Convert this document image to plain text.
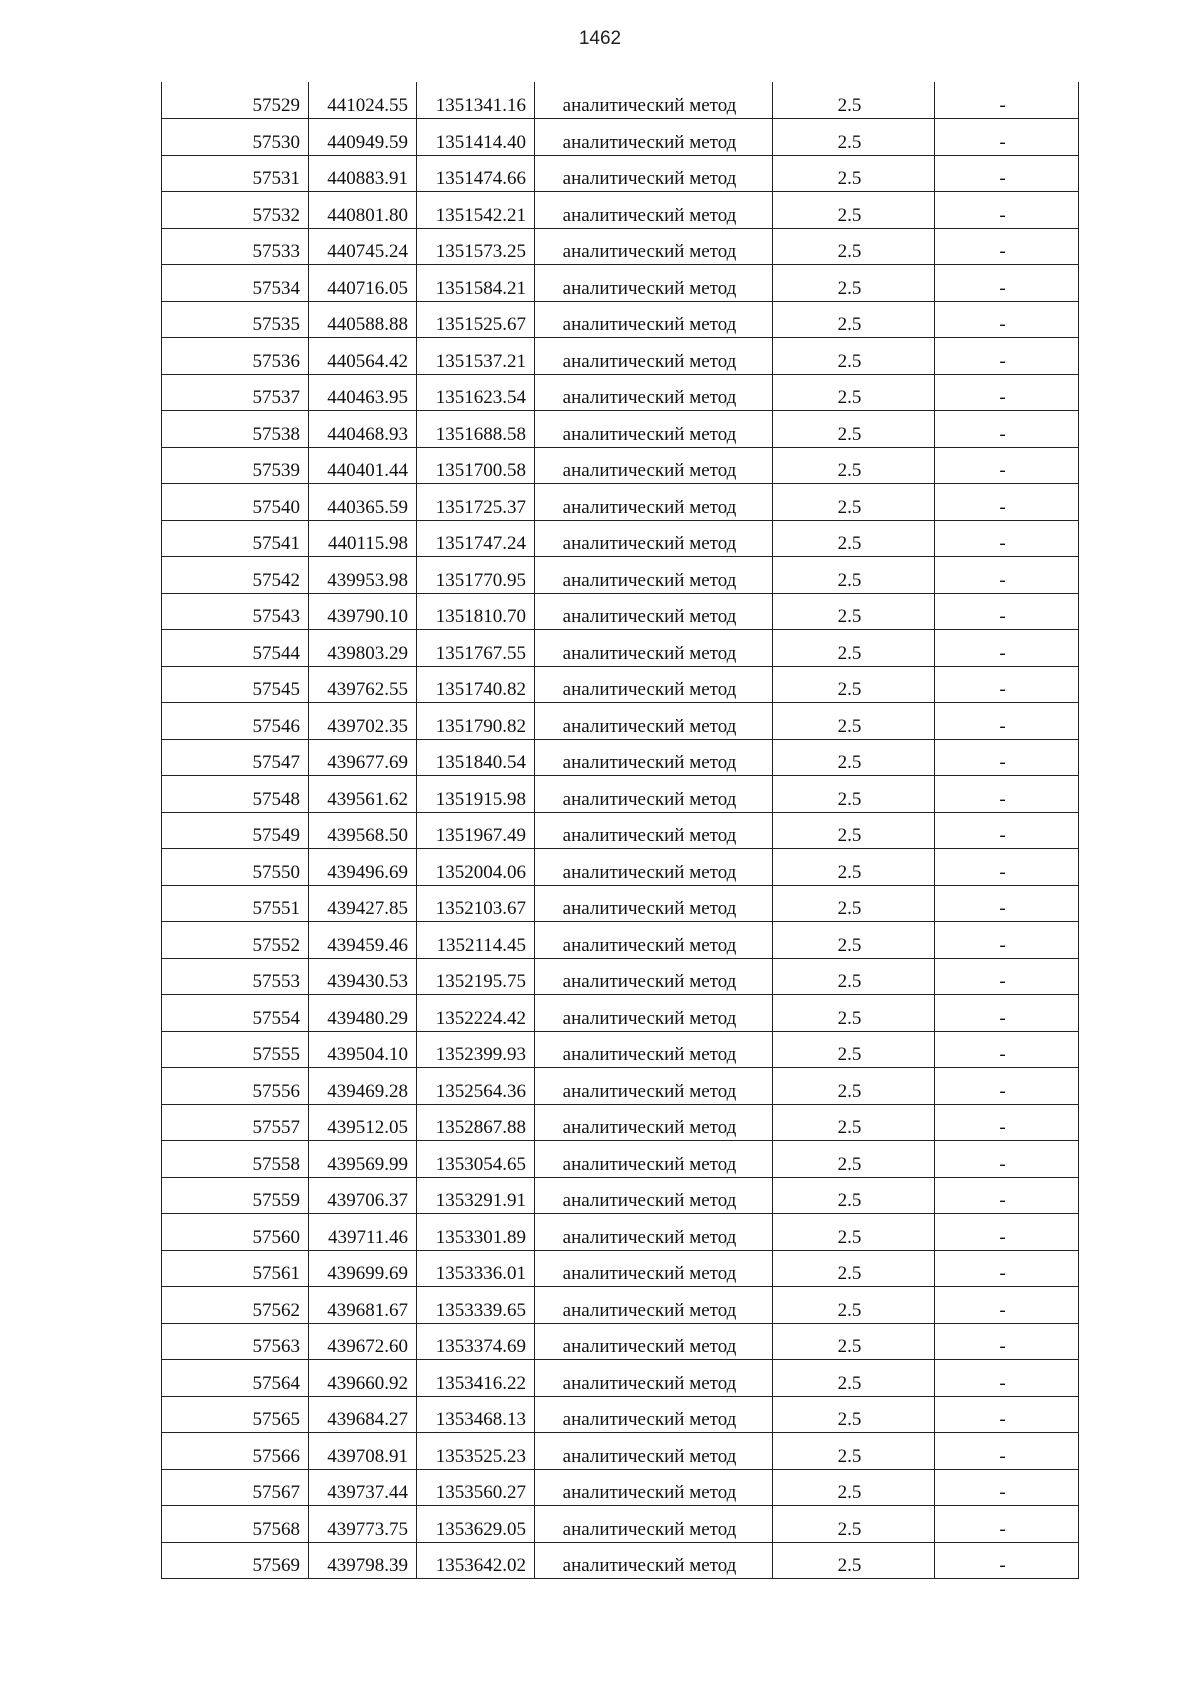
1462
57529	441024.55	1351341.16	аналитический метод	2.5	-
57530	440949.59	1351414.40	аналитический метод	2.5	-
57531	440883.91	1351474.66	аналитический метод	2.5	-
57532	440801.80	1351542.21	аналитический метод	2.5	-
57533	440745.24	1351573.25	аналитический метод	2.5	-
57534	440716.05	1351584.21	аналитический метод	2.5	-
57535	440588.88	1351525.67	аналитический метод	2.5	-
57536	440564.42	1351537.21	аналитический метод	2.5	-
57537	440463.95	1351623.54	аналитический метод	2.5	-
57538	440468.93	1351688.58	аналитический метод	2.5	-
57539	440401.44	1351700.58	аналитический метод	2.5	-
57540	440365.59	1351725.37	аналитический метод	2.5	-
57541	440115.98	1351747.24	аналитический метод	2.5	-
57542	439953.98	1351770.95	аналитический метод	2.5	-
57543	439790.10	1351810.70	аналитический метод	2.5	-
57544	439803.29	1351767.55	аналитический метод	2.5	-
57545	439762.55	1351740.82	аналитический метод	2.5	-
57546	439702.35	1351790.82	аналитический метод	2.5	-
57547	439677.69	1351840.54	аналитический метод	2.5	-
57548	439561.62	1351915.98	аналитический метод	2.5	-
57549	439568.50	1351967.49	аналитический метод	2.5	-
57550	439496.69	1352004.06	аналитический метод	2.5	-
57551	439427.85	1352103.67	аналитический метод	2.5	-
57552	439459.46	1352114.45	аналитический метод	2.5	-
57553	439430.53	1352195.75	аналитический метод	2.5	-
57554	439480.29	1352224.42	аналитический метод	2.5	-
57555	439504.10	1352399.93	аналитический метод	2.5	-
57556	439469.28	1352564.36	аналитический метод	2.5	-
57557	439512.05	1352867.88	аналитический метод	2.5	-
57558	439569.99	1353054.65	аналитический метод	2.5	-
57559	439706.37	1353291.91	аналитический метод	2.5	-
57560	439711.46	1353301.89	аналитический метод	2.5	-
57561	439699.69	1353336.01	аналитический метод	2.5	-
57562	439681.67	1353339.65	аналитический метод	2.5	-
57563	439672.60	1353374.69	аналитический метод	2.5	-
57564	439660.92	1353416.22	аналитический метод	2.5	-
57565	439684.27	1353468.13	аналитический метод	2.5	-
57566	439708.91	1353525.23	аналитический метод	2.5	-
57567	439737.44	1353560.27	аналитический метод	2.5	-
57568	439773.75	1353629.05	аналитический метод	2.5	-
57569	439798.39	1353642.02	аналитический метод	2.5	-
